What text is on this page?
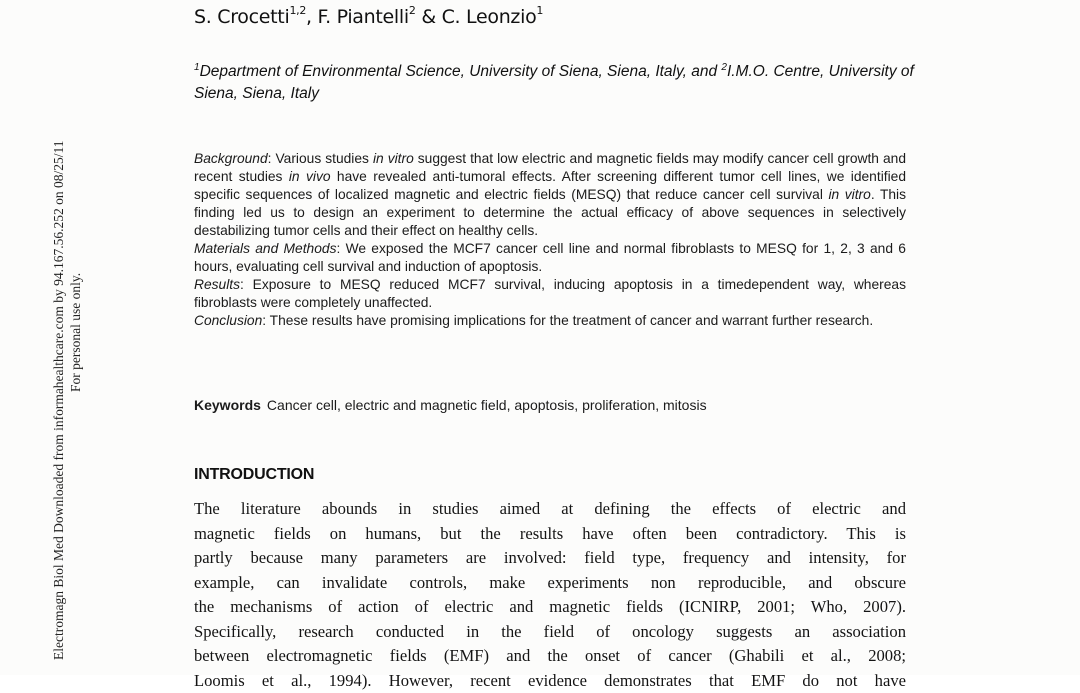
Electromagn Biol Med Downloaded from informahealthcare.com by 94.167.56.252 on 08/25/11 For personal use only.
S. Crocetti$^{1,2}$, F. Piantelli$^2$ & C. Leonzio$^1$
$^1$Department of Environmental Science, University of Siena, Siena, Italy, and $^2$I.M.O. Centre, University of Siena, Siena, Italy

Background: Various studies in vitro suggest that low electric and magnetic fields may modify cancer cell growth and recent studies in vivo have revealed anti-tumoral effects. After screening different tumor cell lines, we identified specific sequences of localized magnetic and electric fields (MESQ) that reduce cancer cell survival in vitro. This finding led us to design an experiment to determine the actual efficacy of above sequences in selectively destabilizing tumor cells and their effect on healthy cells.

Materials and Methods: We exposed the MCF7 cancer cell line and normal fibroblasts to MESQ for 1, 2, 3 and 6 hours, evaluating cell survival and induction of apoptosis.

Results: Exposure to MESQ reduced MCF7 survival, inducing apoptosis in a timedependent way, whereas fibroblasts were completely unaffected.

Conclusion: These results have promising implications for the treatment of cancer and warrant further research.

Keywords Cancer cell, electric and magnetic field, apoptosis, proliferation, mitosis
INTRODUCTION
The literature abounds in studies aimed at defining the effects of electric and
magnetic fields on humans, but the results have often been contradictory. This is
partly because many parameters are involved: field type, frequency and intensity, for
example, can invalidate controls, make experiments non reproducible, and obscure
the mechanisms of action of electric and magnetic fields (ICNIRP, 2001; Who, 2007).
Specifically, research conducted in the field of oncology suggests an association
between electromagnetic fields (EMF) and the onset of cancer (Ghabili et al., 2008;
Loomis et al., 1994). However, recent evidence demonstrates that EMF do not have
